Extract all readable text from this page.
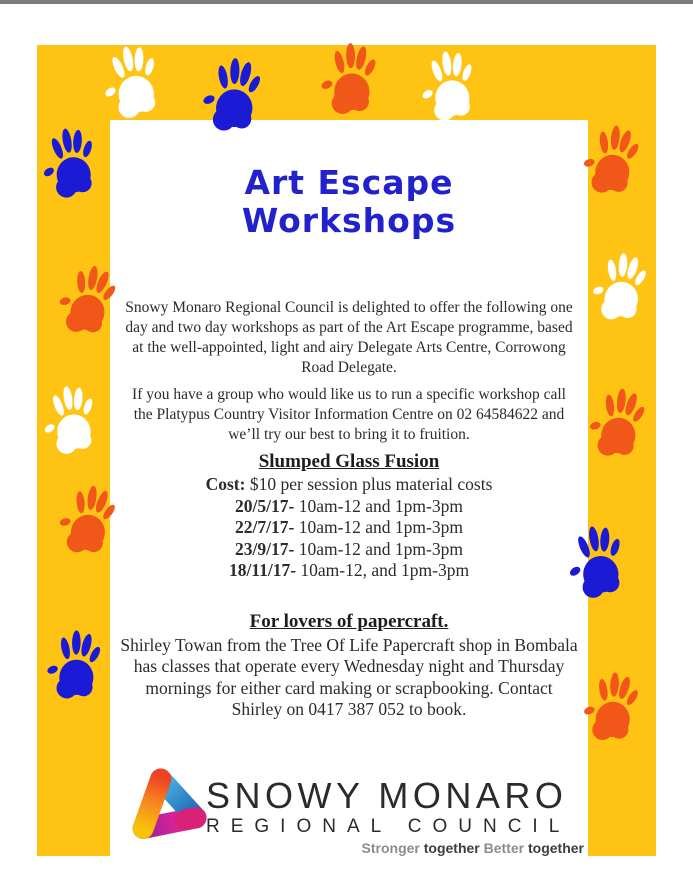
Art Escape
Workshops

Snowy Monaro Regional Council is delighted to offer the following one day and two day workshops as part of the Art Escape programme, based at the well-appointed, light and airy Delegate Arts Centre, Corrowong Road Delegate.

If you have a group who would like us to run a specific workshop call the Platypus Country Visitor Information Centre on 02 64584622 and we’ll try our best to bring it to fruition.

Slumped Glass Fusion
Cost: $10 per session plus material costs
20/5/17- 10am-12 and 1pm-3pm
22/7/17- 10am-12 and 1pm-3pm
23/9/17- 10am-12 and 1pm-3pm
18/11/17- 10am-12, and 1pm-3pm
For lovers of papercraft.

Shirley Towan from the Tree Of Life Papercraft shop in Bombala has classes that operate every Wednesday night and Thursday mornings for either card making or scrapbooking. Contact Shirley on 0417 387 052 to book.

SNOWY MONARO
REGIONAL COUNCIL
Stronger together Better together
